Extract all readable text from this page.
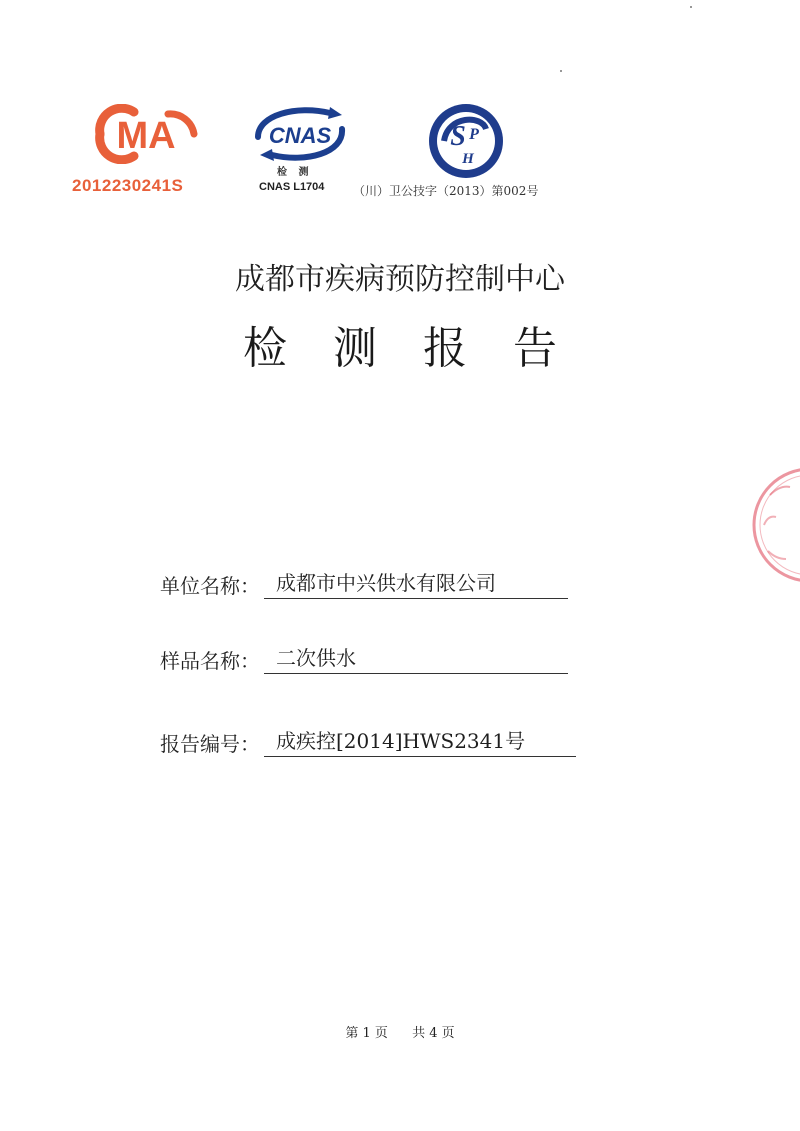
MA
2012230241S
CNAS
检 测
CNAS L1704
S P
H
（川）卫公技字（2013）第002号
成都市疾病预防控制中心
检 测 报 告
单位名称： 成都市中兴供水有限公司
样品名称： 二次供水
报告编号： 成疾控[2014]HWS2341号
第 1 页 共 4 页
